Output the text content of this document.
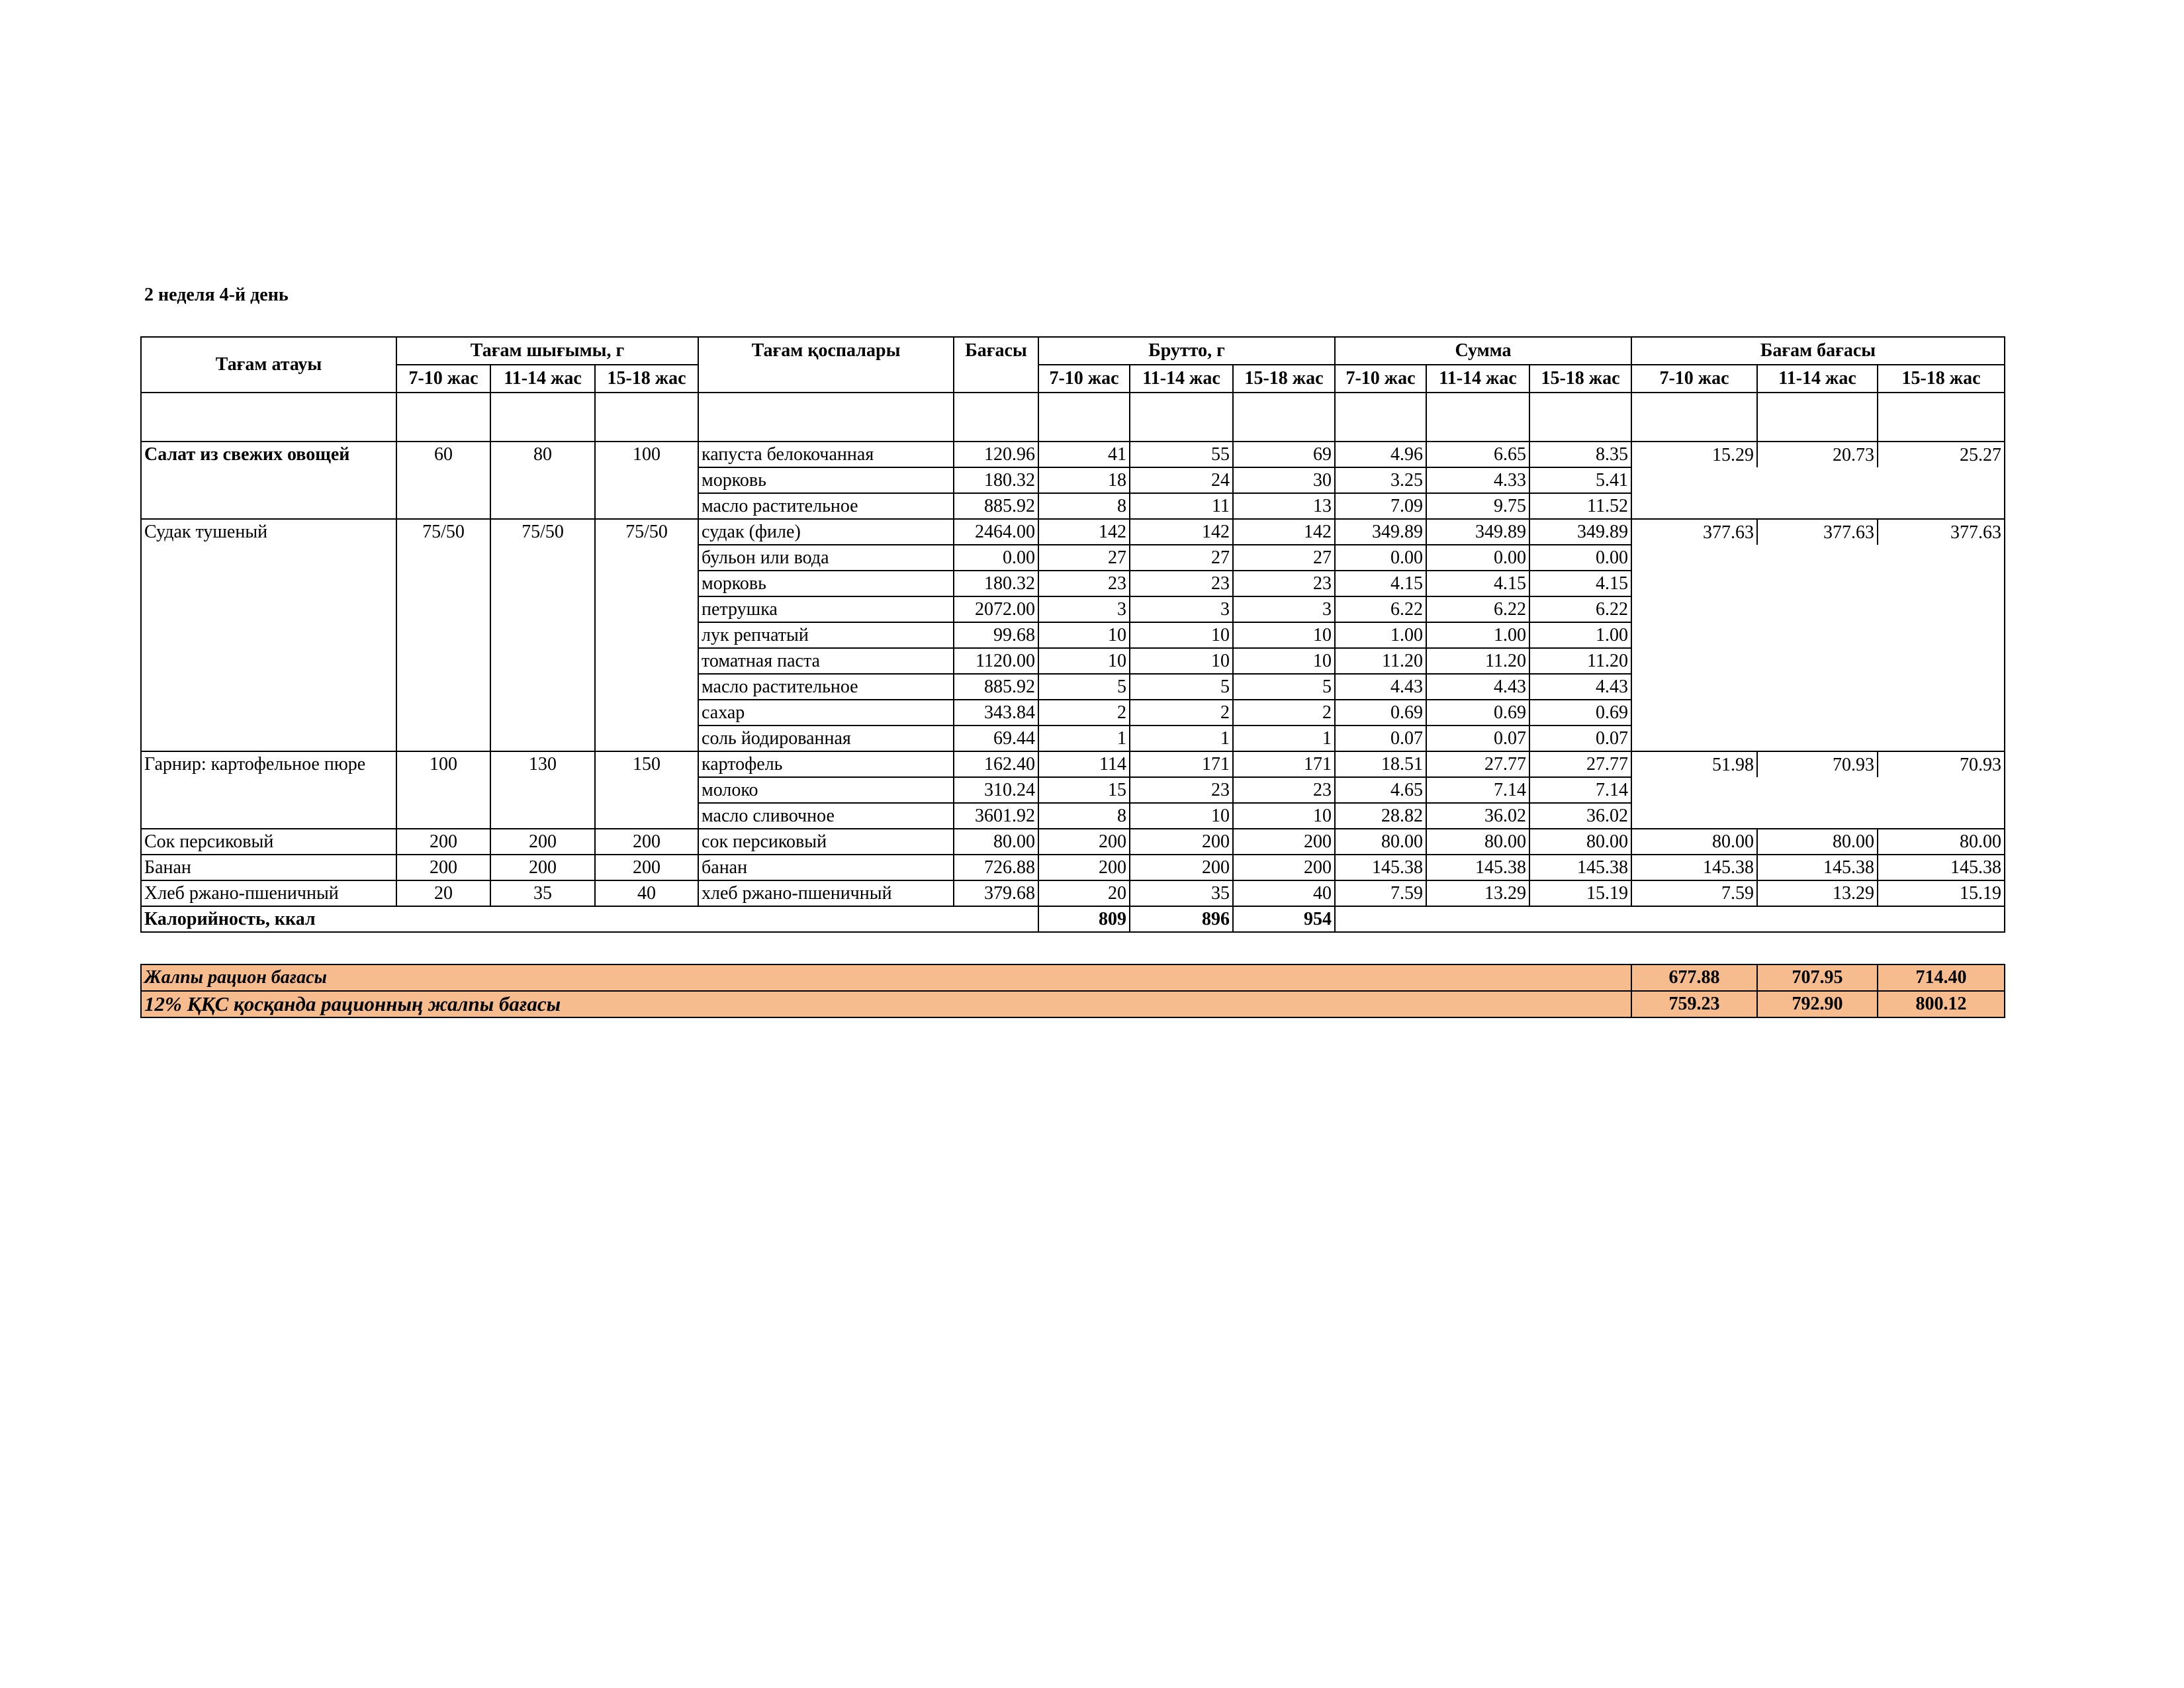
2 неделя 4-й день
Тағам атауы	Тағам шығымы, г			Тағам қоспалары	Бағасы	Брутто, г			Сумма			Бағам бағасы		
	7-10 жас	11-14 жас	15-18 жас			7-10 жас	11-14 жас	15-18 жас	7-10 жас	11-14 жас	15-18 жас	7-10 жас	11-14 жас	15-18 жас

Салат из свежих овощей	60	80	100	капуста белокочанная	120.96	41	55	69	4.96	6.65	8.35	15.29	20.73	25.27
				морковь	180.32	18	24	30	3.25	4.33	5.41			
				масло растительное	885.92	8	11	13	7.09	9.75	11.52			
Судак тушеный	75/50	75/50	75/50	судак (филе)	2464.00	142	142	142	349.89	349.89	349.89	377.63	377.63	377.63
				бульон или вода	0.00	27	27	27	0.00	0.00	0.00			
				морковь	180.32	23	23	23	4.15	4.15	4.15			
				петрушка	2072.00	3	3	3	6.22	6.22	6.22			
				лук репчатый	99.68	10	10	10	1.00	1.00	1.00			
				томатная паста	1120.00	10	10	10	11.20	11.20	11.20			
				масло растительное	885.92	5	5	5	4.43	4.43	4.43			
				сахар	343.84	2	2	2	0.69	0.69	0.69			
				соль йодированная	69.44	1	1	1	0.07	0.07	0.07			
Гарнир: картофельное пюре	100	130	150	картофель	162.40	114	171	171	18.51	27.77	27.77	51.98	70.93	70.93
				молоко	310.24	15	23	23	4.65	7.14	7.14			
				масло сливочное	3601.92	8	10	10	28.82	36.02	36.02			
Сок персиковый	200	200	200	сок персиковый	80.00	200	200	200	80.00	80.00	80.00	80.00	80.00	80.00
Банан	200	200	200	банан	726.88	200	200	200	145.38	145.38	145.38	145.38	145.38	145.38
Хлеб ржано-пшеничный	20	35	40	хлеб ржано-пшеничный	379.68	20	35	40	7.59	13.29	15.19	7.59	13.29	15.19
Калорийность, ккал						809	896	954						
Жалпы рацион бағасы	677.88	707.95	714.40
12% ҚҚС қосқанда рационның жалпы бағасы	759.23	792.90	800.12
